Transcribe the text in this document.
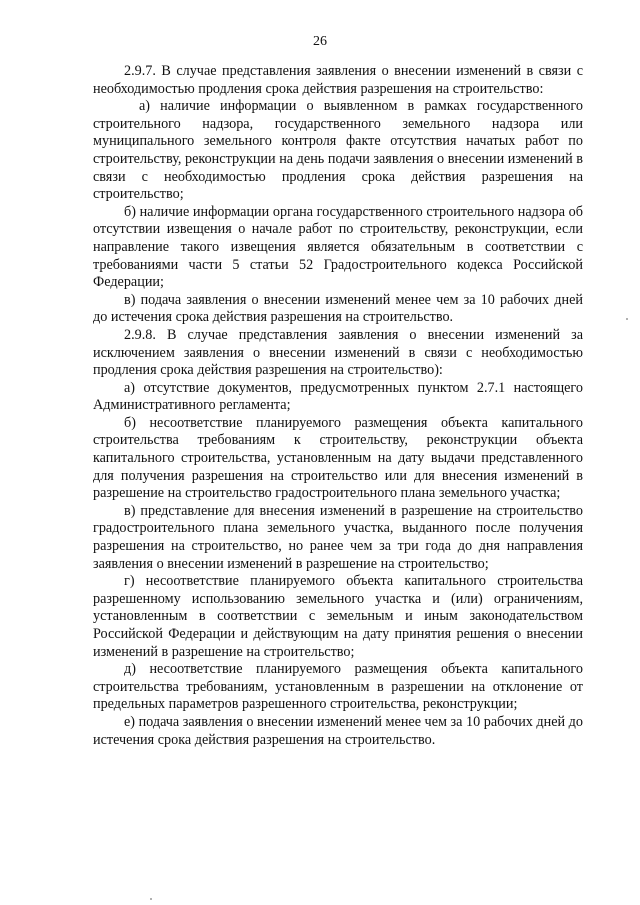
26

2.9.7. В случае представления заявления о внесении изменений в связи с необходимостью продления срока действия разрешения на строительство:

а) наличие информации о выявленном в рамках государственного строительного надзора, государственного земельного надзора или муниципального земельного контроля факте отсутствия начатых работ по строительству, реконструкции на день подачи заявления о внесении изменений в связи с необходимостью продления срока действия разрешения на строительство;

б) наличие информации органа государственного строительного надзора об отсутствии извещения о начале работ по строительству, реконструкции, если направление такого извещения является обязательным в соответствии с требованиями части 5 статьи 52 Градостроительного кодекса Российской Федерации;

в) подача заявления о внесении изменений менее чем за 10 рабочих дней до истечения срока действия разрешения на строительство.

2.9.8. В случае представления заявления о внесении изменений за исключением заявления о внесении изменений в связи с необходимостью продления срока действия разрешения на строительство):

а) отсутствие документов, предусмотренных пунктом 2.7.1 настоящего Административного регламента;

б) несоответствие планируемого размещения объекта капитального строительства требованиям к строительству, реконструкции объекта капитального строительства, установленным на дату выдачи представленного для получения разрешения на строительство или для внесения изменений в разрешение на строительство градостроительного плана земельного участка;

в) представление для внесения изменений в разрешение на строительство градостроительного плана земельного участка, выданного после получения разрешения на строительство, но ранее чем за три года до дня направления заявления о внесении изменений в разрешение на строительство;

г) несоответствие планируемого объекта капитального строительства разрешенному использованию земельного участка и (или) ограничениям, установленным в соответствии с земельным и иным законодательством Российской Федерации и действующим на дату принятия решения о внесении изменений в разрешение на строительство;

д) несоответствие планируемого размещения объекта капитального строительства требованиям, установленным в разрешении на отклонение от предельных параметров разрешенного строительства, реконструкции;

е) подача заявления о внесении изменений менее чем за 10 рабочих дней до истечения срока действия разрешения на строительство.
